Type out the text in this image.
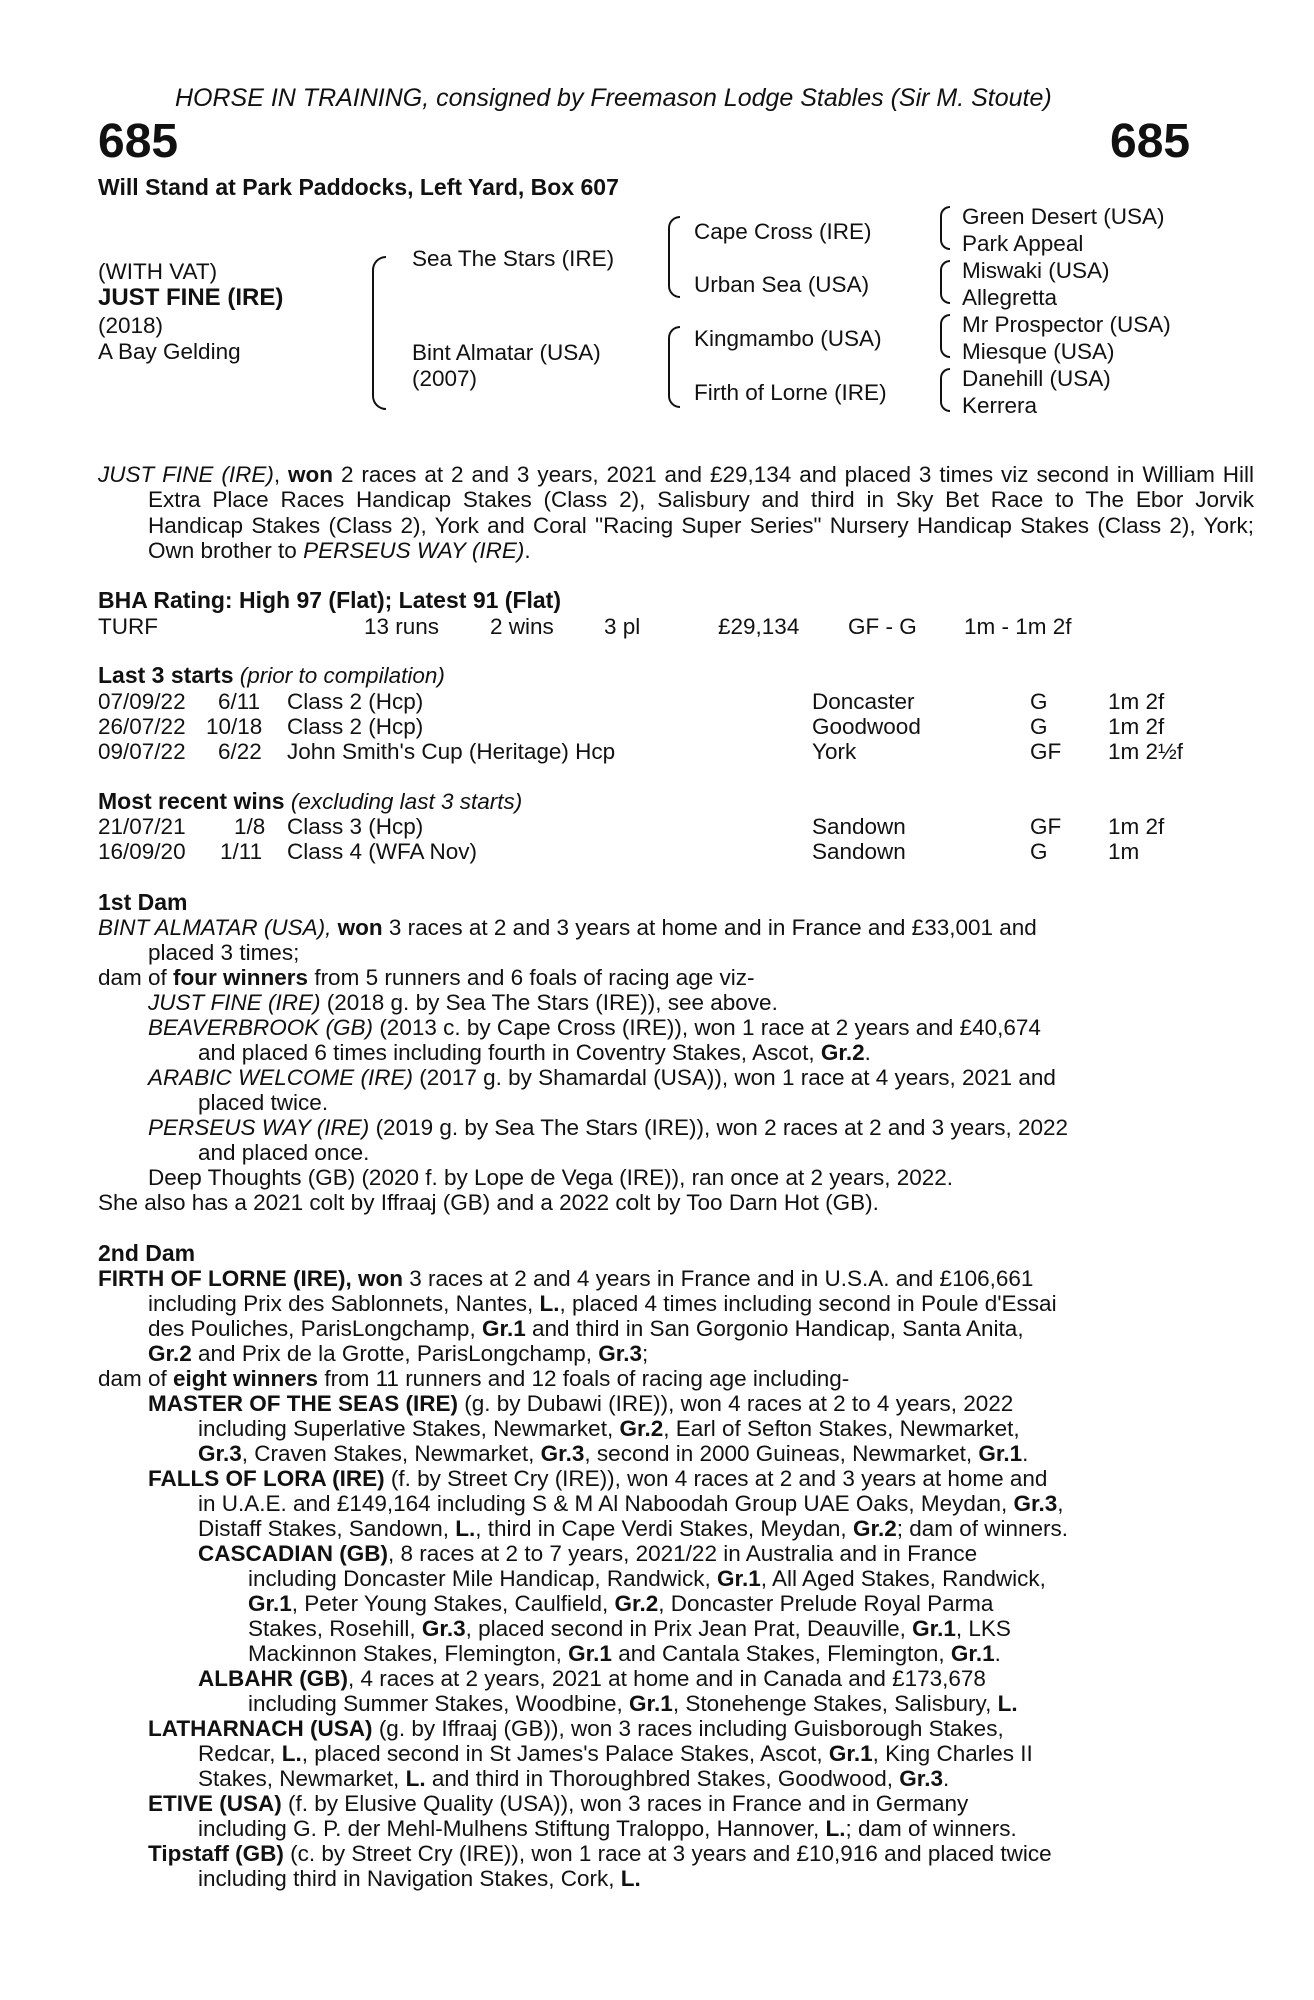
HORSE IN TRAINING, consigned by Freemason Lodge Stables (Sir M. Stoute)
685	685
Will Stand at Park Paddocks, Left Yard, Box 607
(WITH VAT)
JUST FINE (IRE)
(2018)
A Bay Gelding
Sea The Stars (IRE)
Bint Almatar (USA)
(2007)
Cape Cross (IRE)
Urban Sea (USA)
Kingmambo (USA)
Firth of Lorne (IRE)
Green Desert (USA)
Park Appeal
Miswaki (USA)
Allegretta
Mr Prospector (USA)
Miesque (USA)
Danehill (USA)
Kerrera
JUST FINE (IRE), won 2 races at 2 and 3 years, 2021 and £29,134 and placed 3 times viz second in William Hill Extra Place Races Handicap Stakes (Class 2), Salisbury and third in Sky Bet Race to The Ebor Jorvik Handicap Stakes (Class 2), York and Coral "Racing Super Series" Nursery Handicap Stakes (Class 2), York; Own brother to PERSEUS WAY (IRE).
BHA Rating: High 97 (Flat); Latest 91 (Flat)
TURF	13 runs 2 wins 3 pl	£29,134 GF - G 1m - 1m 2f
Last 3 starts (prior to compilation)
07/09/22 6/11 Class 2 (Hcp)	Doncaster	G	1m 2f
26/07/22 10/18 Class 2 (Hcp)	Goodwood	G	1m 2f
09/07/22 6/22 John Smith's Cup (Heritage) Hcp	York	GF 1m 2½f
Most recent wins (excluding last 3 starts)
21/07/21 1/8 Class 3 (Hcp)	Sandown	GF 1m 2f
16/09/20 1/11 Class 4 (WFA Nov)	Sandown	G	1m
1st Dam
BINT ALMATAR (USA), won 3 races at 2 and 3 years at home and in France and £33,001 and
placed 3 times;
dam of four winners from 5 runners and 6 foals of racing age viz-
JUST FINE (IRE) (2018 g. by Sea The Stars (IRE)), see above.
BEAVERBROOK (GB) (2013 c. by Cape Cross (IRE)), won 1 race at 2 years and £40,674
and placed 6 times including fourth in Coventry Stakes, Ascot, Gr.2.
ARABIC WELCOME (IRE) (2017 g. by Shamardal (USA)), won 1 race at 4 years, 2021 and
placed twice.
PERSEUS WAY (IRE) (2019 g. by Sea The Stars (IRE)), won 2 races at 2 and 3 years, 2022
and placed once.
Deep Thoughts (GB) (2020 f. by Lope de Vega (IRE)), ran once at 2 years, 2022.
She also has a 2021 colt by Iffraaj (GB) and a 2022 colt by Too Darn Hot (GB).
2nd Dam
FIRTH OF LORNE (IRE), won 3 races at 2 and 4 years in France and in U.S.A. and £106,661
including Prix des Sablonnets, Nantes, L., placed 4 times including second in Poule d'Essai
des Pouliches, ParisLongchamp, Gr.1 and third in San Gorgonio Handicap, Santa Anita,
Gr.2 and Prix de la Grotte, ParisLongchamp, Gr.3;
dam of eight winners from 11 runners and 12 foals of racing age including-
MASTER OF THE SEAS (IRE) (g. by Dubawi (IRE)), won 4 races at 2 to 4 years, 2022
including Superlative Stakes, Newmarket, Gr.2, Earl of Sefton Stakes, Newmarket,
Gr.3, Craven Stakes, Newmarket, Gr.3, second in 2000 Guineas, Newmarket, Gr.1.
FALLS OF LORA (IRE) (f. by Street Cry (IRE)), won 4 races at 2 and 3 years at home and
in U.A.E. and £149,164 including S & M Al Naboodah Group UAE Oaks, Meydan, Gr.3,
Distaff Stakes, Sandown, L., third in Cape Verdi Stakes, Meydan, Gr.2; dam of winners.
CASCADIAN (GB), 8 races at 2 to 7 years, 2021/22 in Australia and in France
including Doncaster Mile Handicap, Randwick, Gr.1, All Aged Stakes, Randwick,
Gr.1, Peter Young Stakes, Caulfield, Gr.2, Doncaster Prelude Royal Parma
Stakes, Rosehill, Gr.3, placed second in Prix Jean Prat, Deauville, Gr.1, LKS
Mackinnon Stakes, Flemington, Gr.1 and Cantala Stakes, Flemington, Gr.1.
ALBAHR (GB), 4 races at 2 years, 2021 at home and in Canada and £173,678
including Summer Stakes, Woodbine, Gr.1, Stonehenge Stakes, Salisbury, L.
LATHARNACH (USA) (g. by Iffraaj (GB)), won 3 races including Guisborough Stakes,
Redcar, L., placed second in St James's Palace Stakes, Ascot, Gr.1, King Charles II
Stakes, Newmarket, L. and third in Thoroughbred Stakes, Goodwood, Gr.3.
ETIVE (USA) (f. by Elusive Quality (USA)), won 3 races in France and in Germany
including G. P. der Mehl-Mulhens Stiftung Traloppo, Hannover, L.; dam of winners.
Tipstaff (GB) (c. by Street Cry (IRE)), won 1 race at 3 years and £10,916 and placed twice
including third in Navigation Stakes, Cork, L.
